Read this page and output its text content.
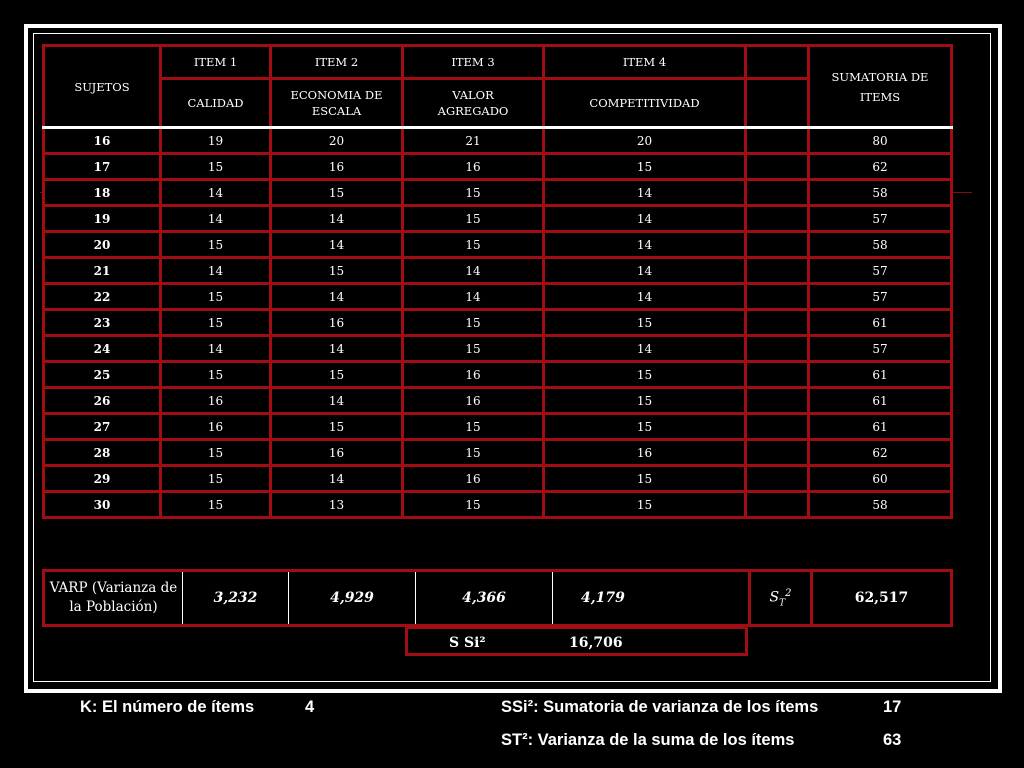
SUJETOS	ITEM 1	ITEM 2	ITEM 3	ITEM 4		SUMATORIA DE ITEMS
	CALIDAD	ECONOMIA DE ESCALA	VALOR AGREGADO	COMPETITIVIDAD		
16	19	20	21	20		80
17	15	16	16	15		62
18	14	15	15	14		58
19	14	14	15	14		57
20	15	14	15	14		58
21	14	15	14	14		57
22	15	14	14	14		57
23	15	16	15	15		61
24	14	14	15	14		57
25	15	15	16	15		61
26	16	14	16	15		61
27	16	15	15	15		61
28	15	16	15	16		62
29	15	14	16	15		60
30	15	13	15	15		58
VARP (Varianza de la Población)	3,232	4,929	4,366	4,179	$S_T^2$	62,517
S Si²	16,706
K: El número de ítems	4	SSi²: Sumatoria de varianza de los ítems	17
ST²: Varianza de la suma de los ítems	63
